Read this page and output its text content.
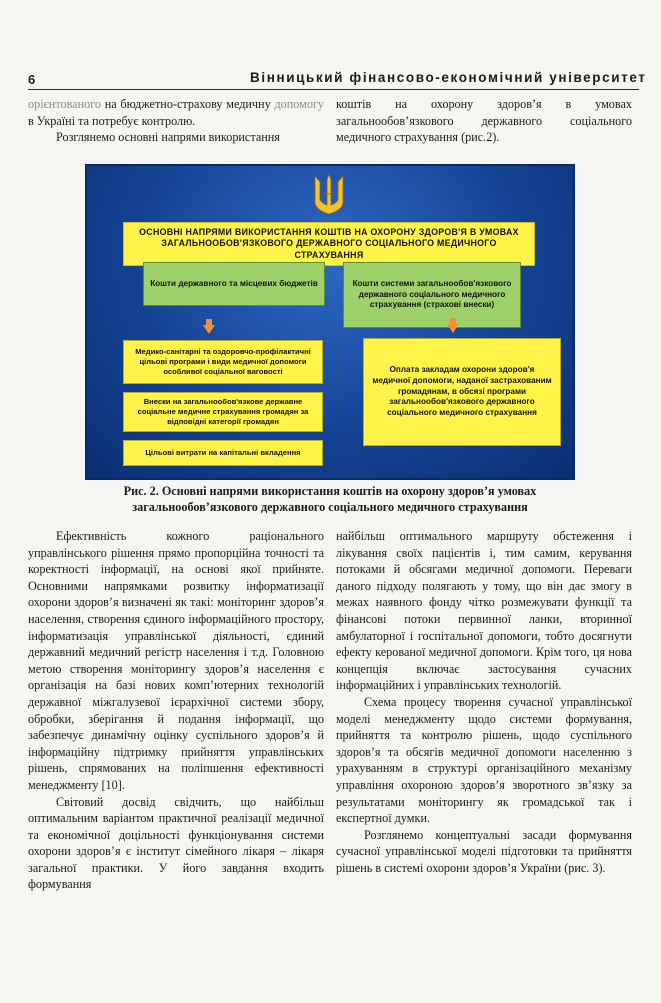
6	Вінницький фінансово-економічний університет

орієнтованого на бюджетно-страхову медичну допомогу в Україні та потребує контролю.

Розглянемо основні напрями використання

коштів на охорону здоров’я в умовах загальнообов’язкового державного соціального медичного страхування (рис.2).

ОСНОВНІ НАПРЯМИ ВИКОРИСТАННЯ КОШТІВ НА ОХОРОНУ ЗДОРОВ'Я В УМОВАХ ЗАГАЛЬНООБОВ'ЯЗКОВОГО ДЕРЖАВНОГО СОЦІАЛЬНОГО МЕДИЧНОГО СТРАХУВАННЯ
Кошти державного та місцевих бюджетів	Кошти системи загальнообов'язкового державного соціального медичного страхування (страхові внески)
Медико-санітарні та оздоровчо-профілактичні цільові програми і види медичної допомоги особливої соціальної ваговості
Внески на загальнообов'язкове державне соціальне медичне страхування громадян за відповідні категорії громадян
Цільові витрати на капітальні вкладення
Оплата закладам охорони здоров'я медичної допомоги, наданої застрахованим громадянам, в обсязі програми загальнообов'язкового державного соціального медичного страхування
Рис. 2. Основні напрями використання коштів на охорону здоров’я умовах
загальнообов’язкового державного соціального медичного страхування

Ефективність кожного раціонального управлінського рішення прямо пропорційна точності та коректності інформації, на основі якої прийняте. Основними напрямками розвитку інформатизації охорони здоров’я визначені як такі: моніторинг здоров’я населення, створення єдиного інформаційного простору, інформатизація управлінської діяльності, єдиний державний медичний регістр населення і т.д. Головною метою створення моніторингу здоров’я населення є організація на базі нових комп’ютерних технологій державної міжгалузевої ієрархічної системи збору, обробки, зберігання й подання інформації, що забезпечує динамічну оцінку суспільного здоров’я й інформаційну підтримку прийняття управлінських рішень, спрямованих на поліпшення ефективності менеджменту [10].

Світовий досвід свідчить, що найбільш оптимальним варіантом практичної реалізації медичної та економічної доцільності функціонування системи охорони здоров’я є інститут сімейного лікаря – лікаря загальної практики. У його завдання входить формування

найбільш оптимального маршруту обстеження і лікування своїх пацієнтів і, тим самим, керування потоками й обсягами медичної допомоги. Переваги даного підходу полягають у тому, що він дає змогу в межах наявного фонду чітко розмежувати функції та фінансові потоки первинної ланки, вторинної амбулаторної і госпітальної допомоги, тобто досягнути ефекту керованої медичної допомоги. Крім того, ця нова концепція включає застосування сучасних інформаційних і управлінських технологій.

Схема процесу творення сучасної управлінської моделі менеджменту щодо системи формування, прийняття та контролю рішень, щодо суспільного здоров’я та обсягів медичної допомоги населенню з урахуванням в структурі організаційного механізму управління охороною здоров’я зворотного зв’язку за результатами моніторингу як громадської так і експертної думки.

Розглянемо концептуальні засади формування сучасної управлінської моделі підготовки та прийняття рішень в системі охорони здоров’я України (рис. 3).
